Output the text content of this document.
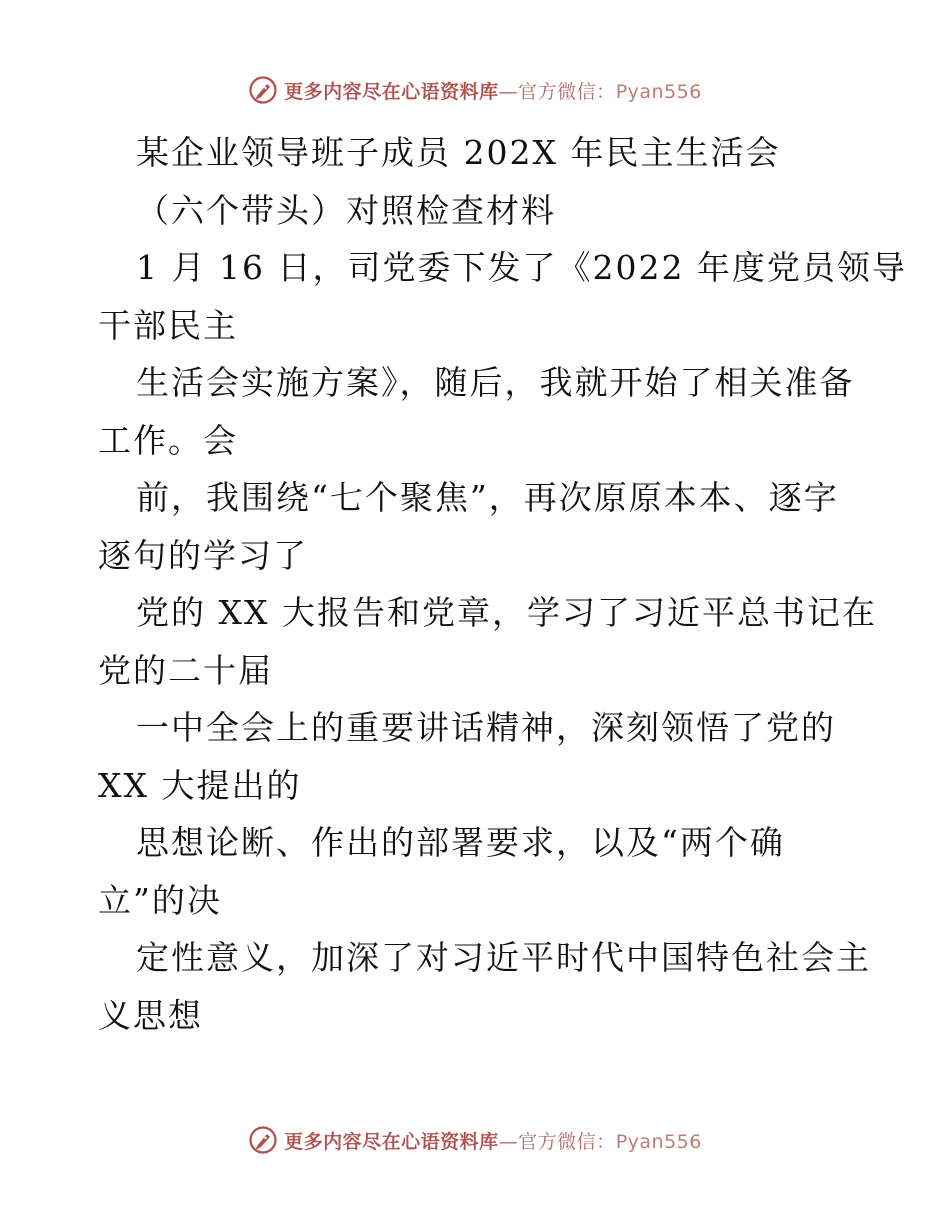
更多内容尽在心语资料库—官方微信：Pyan556
某企业领导班子成员 202X 年民主生活会
（六个带头）对照检查材料
1 月 16 日，司党委下发了《2022 年度党员领导
干部民主
生活会实施方案》，随后，我就开始了相关准备
工作。会
前，我围绕“七个聚焦”，再次原原本本、逐字
逐句的学习了
党的 XX 大报告和党章，学习了习近平总书记在
党的二十届
一中全会上的重要讲话精神，深刻领悟了党的
XX 大提出的
思想论断、作出的部署要求，以及“两个确
立”的决
定性意义，加深了对习近平时代中国特色社会主
义思想
更多内容尽在心语资料库—官方微信：Pyan556
